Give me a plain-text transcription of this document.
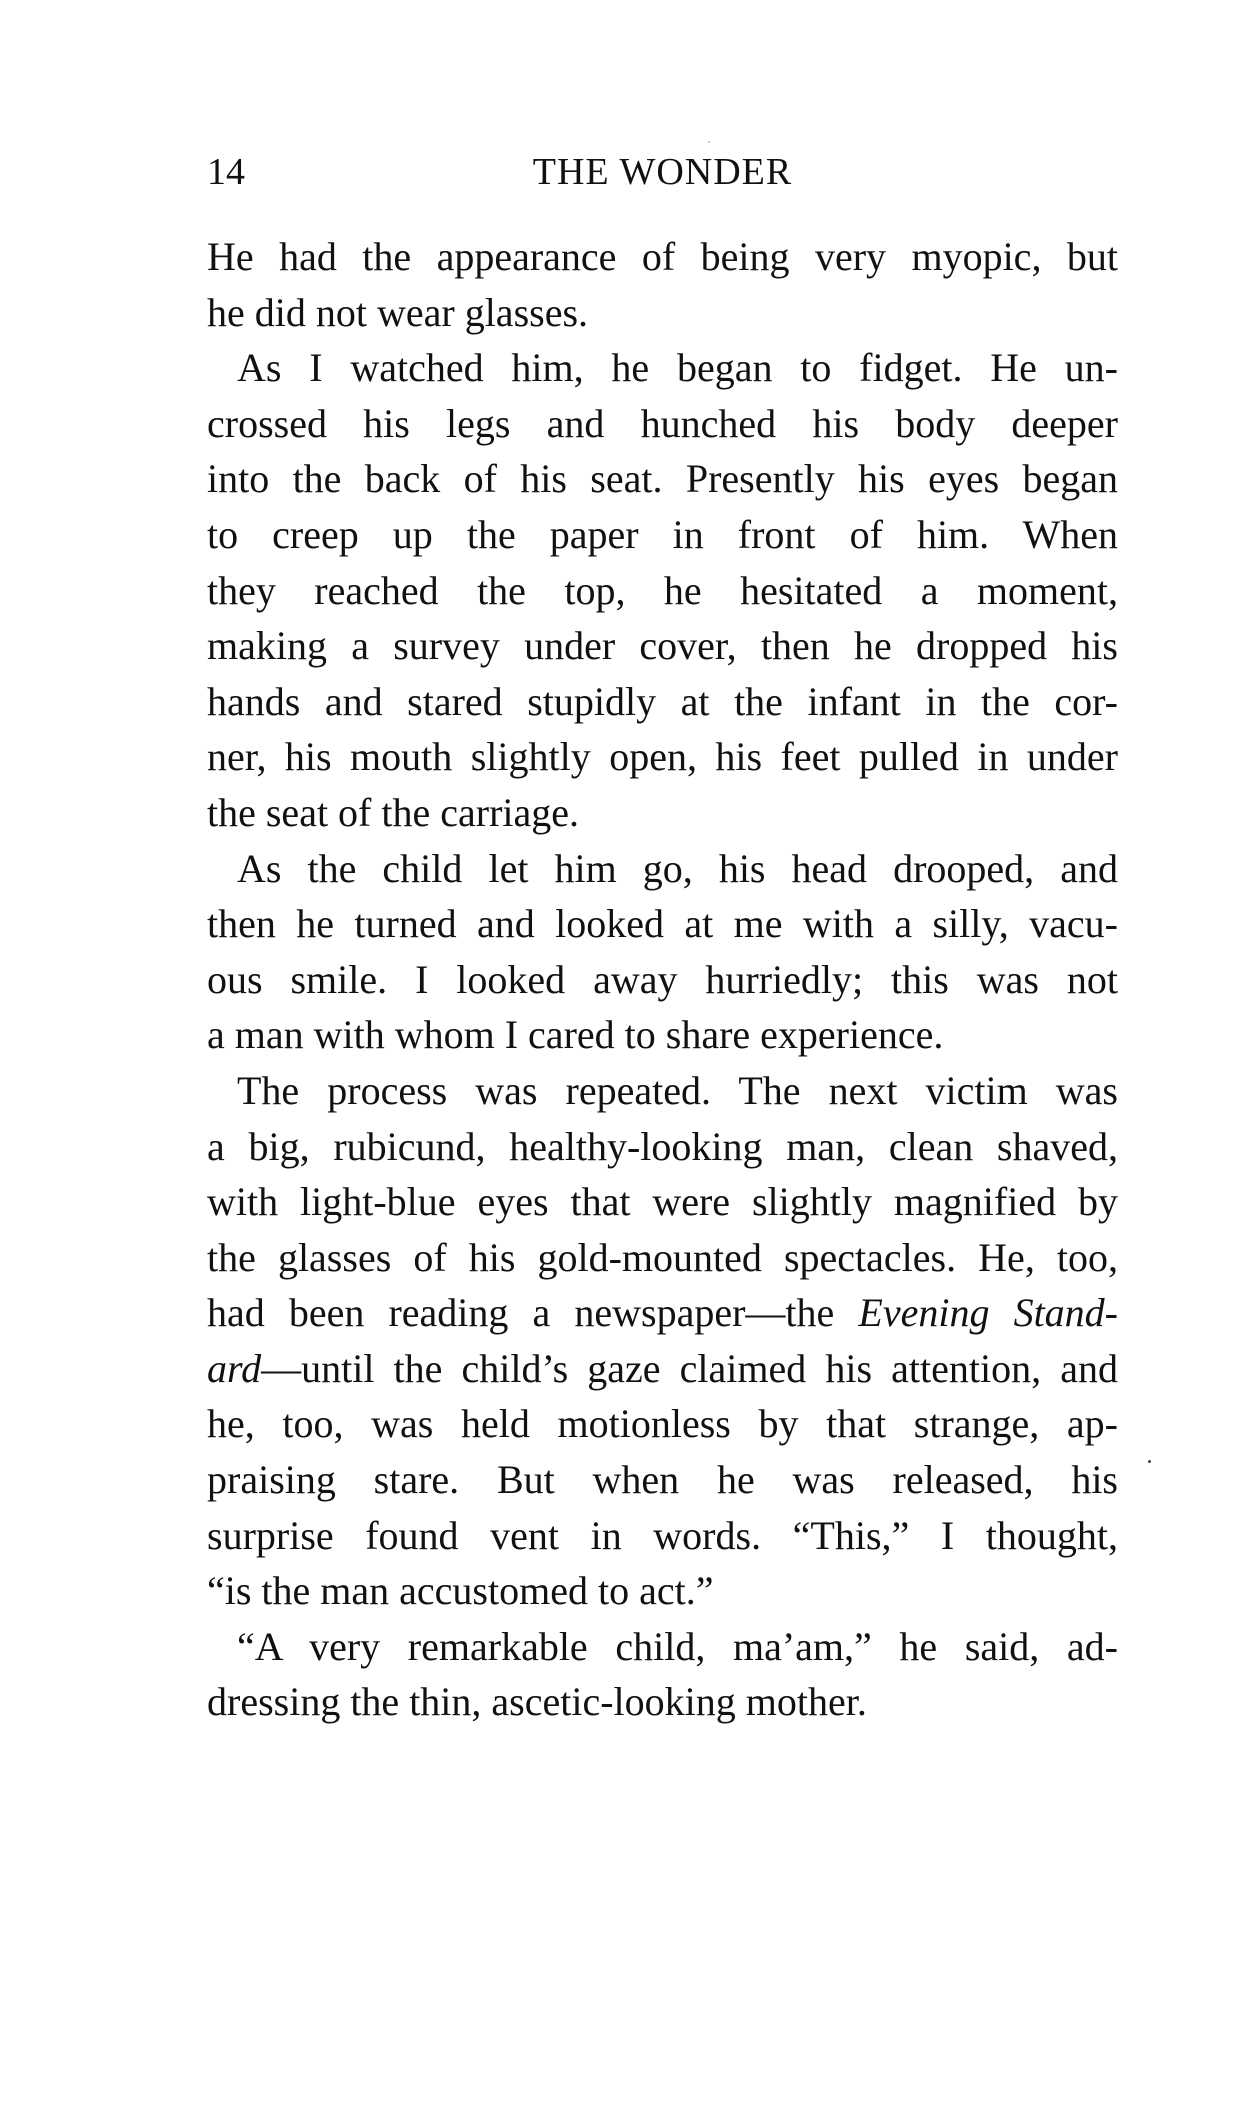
14	THE WONDER
He had the appearance of being very myopic, but
he did not wear glasses.
As I watched him, he began to fidget. He un-
crossed his legs and hunched his body deeper
into the back of his seat. Presently his eyes began
to creep up the paper in front of him. When
they reached the top, he hesitated a moment,
making a survey under cover, then he dropped his
hands and stared stupidly at the infant in the cor-
ner, his mouth slightly open, his feet pulled in under
the seat of the carriage.
As the child let him go, his head drooped, and
then he turned and looked at me with a silly, vacu-
ous smile. I looked away hurriedly; this was not
a man with whom I cared to share experience.
The process was repeated. The next victim was
a big, rubicund, healthy-looking man, clean shaved,
with light-blue eyes that were slightly magnified by
the glasses of his gold-mounted spectacles. He, too,
had been reading a newspaper—the Evening Stand-
ard—until the child’s gaze claimed his attention, and
he, too, was held motionless by that strange, ap-
praising stare. But when he was released, his
surprise found vent in words. “This,” I thought,
“is the man accustomed to act.”
“A very remarkable child, ma’am,” he said, ad-
dressing the thin, ascetic-looking mother.
